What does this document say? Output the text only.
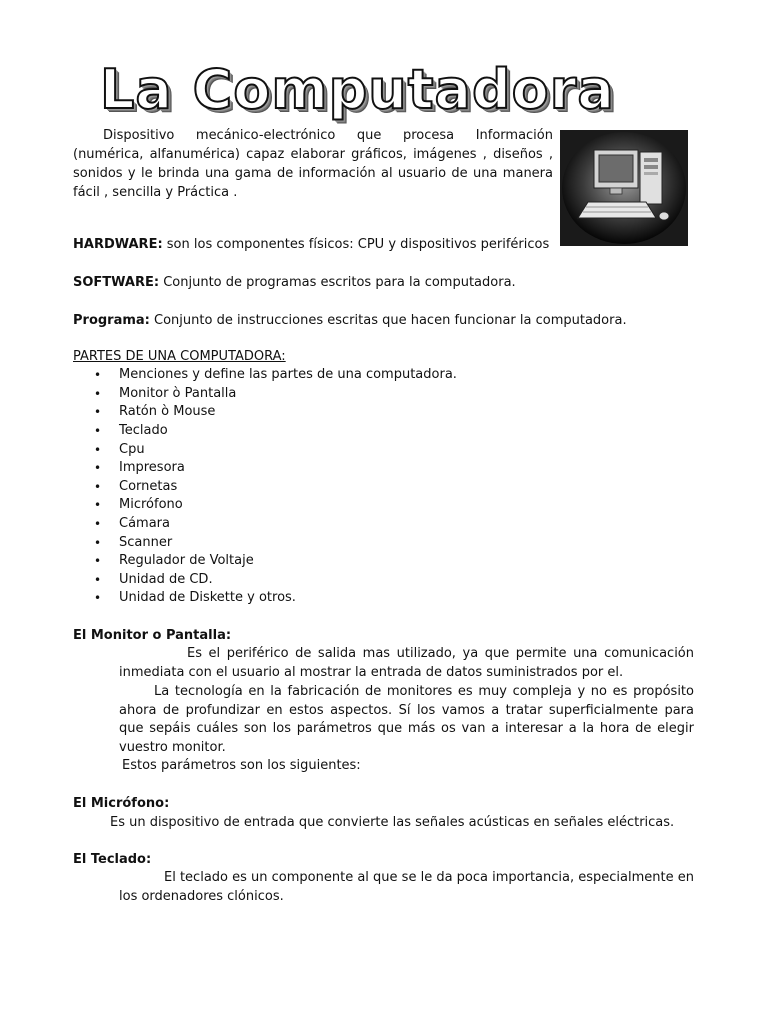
La Computadora

Dispositivo mecánico-electrónico que procesa Información (numérica, alfanumérica) capaz elaborar gráficos, imágenes , diseños , sonidos y le brinda una gama de información al usuario de una manera fácil , sencilla y Práctica .

HARDWARE: son los componentes físicos: CPU y dispositivos periféricos

SOFTWARE: Conjunto de programas escritos para la computadora.

Programa: Conjunto de instrucciones escritas que hacen funcionar la computadora.

PARTES DE UNA COMPUTADORA:

•	Menciones y define las partes de una computadora.
•	Monitor ò Pantalla
•	Ratón ò Mouse
•	Teclado
•	Cpu
•	Impresora
•	Cornetas
•	Micrófono
•	Cámara
•	Scanner
•	Regulador de Voltaje
•	Unidad de CD.
•	Unidad de Diskette y otros.

El Monitor o Pantalla:

Es el periférico de salida mas utilizado, ya que permite una comunicación inmediata con el usuario al mostrar la entrada de datos suministrados por el.

La tecnología en la fabricación de monitores es muy compleja y no es propósito ahora de profundizar en estos aspectos. Sí los vamos a tratar superficialmente para que sepáis cuáles son los parámetros que más os van a interesar a la hora de elegir vuestro monitor.

Estos parámetros son los siguientes:

El Micrófono:

Es un dispositivo de entrada que convierte las señales acústicas en señales eléctricas.

El Teclado:

El teclado es un componente al que se le da poca importancia, especialmente en los ordenadores clónicos.
